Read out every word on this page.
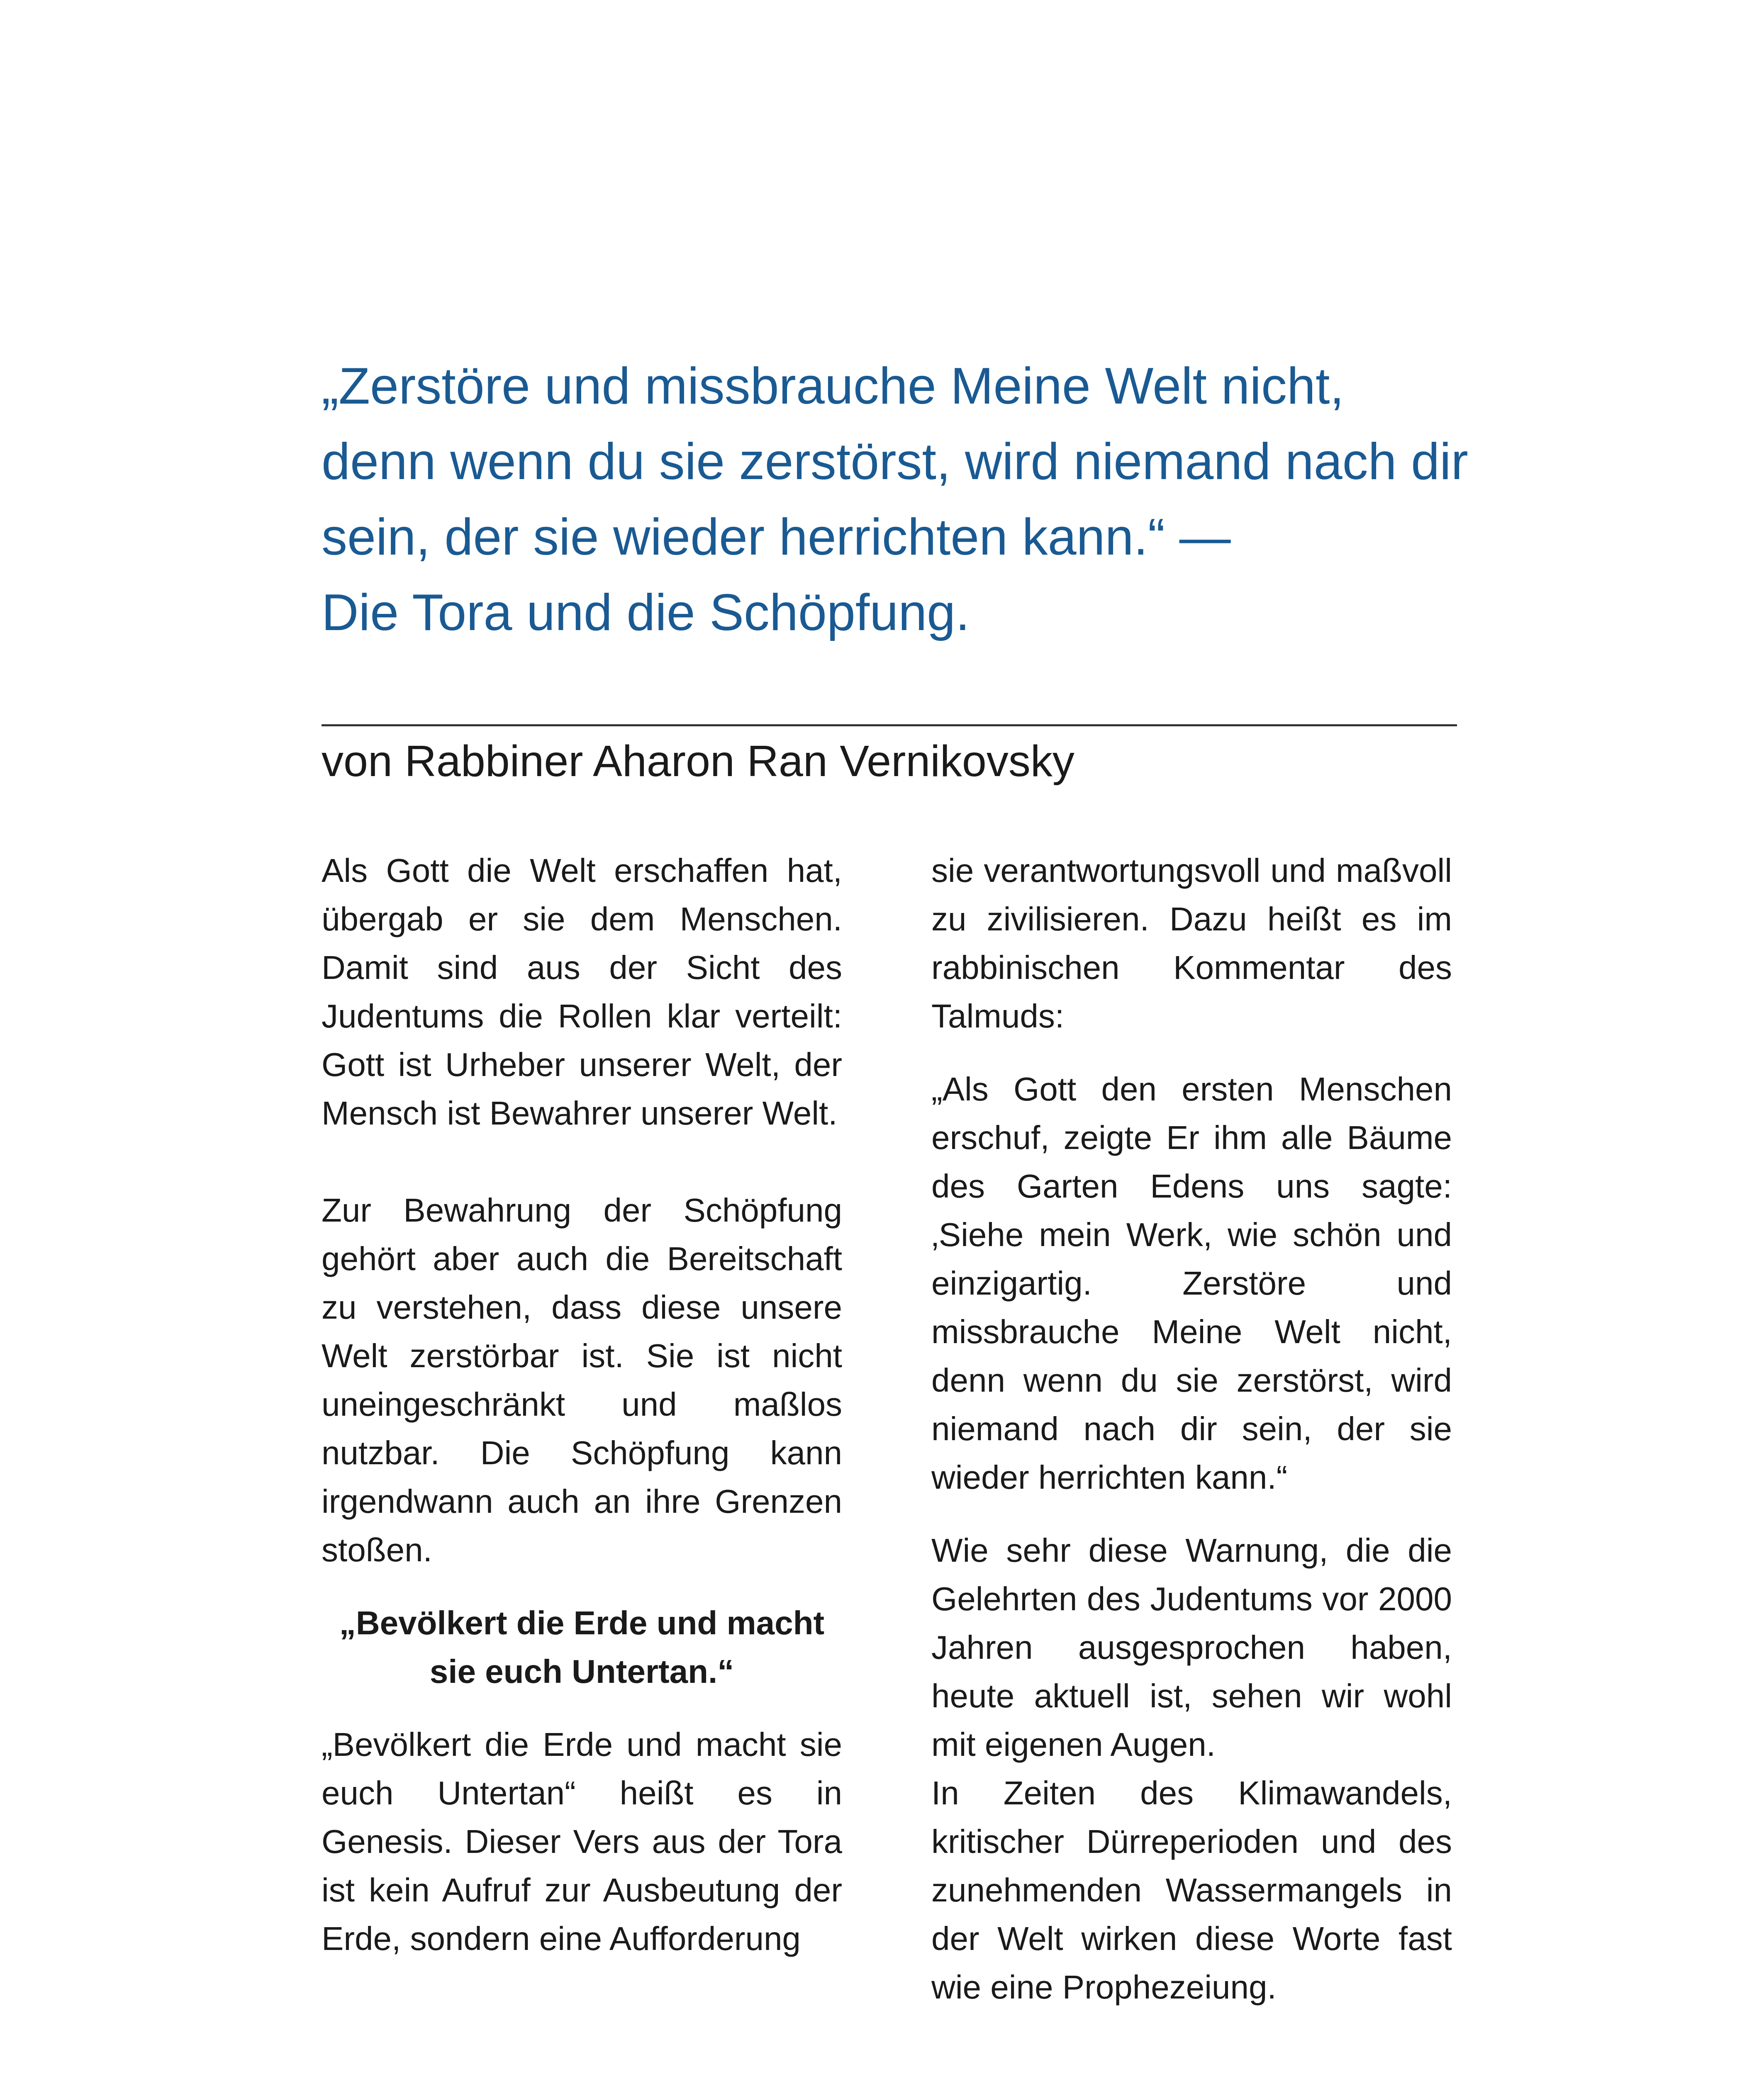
„Zerstöre und missbrauche Meine Welt nicht,
denn wenn du sie zerstörst, wird niemand nach dir
sein, der sie wieder herrichten kann.“ —
Die Tora und die Schöpfung.
von Rabbiner Aharon Ran Vernikovsky

Als Gott die Welt erschaffen hat, übergab er sie dem Menschen. Damit sind aus der Sicht des Judentums die Rollen klar verteilt: Gott ist Urheber unserer Welt, der Mensch ist Bewahrer unserer Welt.

Zur Bewahrung der Schöpfung gehört aber auch die Bereitschaft zu verstehen, dass diese unsere Welt zerstörbar ist. Sie ist nicht uneingeschränkt und maßlos nutzbar. Die Schöpfung kann irgendwann auch an ihre Grenzen stoßen.

„Bevölkert die Erde und macht sie euch Untertan.“

„Bevölkert die Erde und macht sie euch Untertan“ heißt es in Genesis. Dieser Vers aus der Tora ist kein Aufruf zur Ausbeutung der Erde, sondern eine Aufforderung

sie verantwortungsvoll und maßvoll zu zivilisieren. Dazu heißt es im rabbinischen Kommentar des Talmuds:

„Als Gott den ersten Menschen erschuf, zeigte Er ihm alle Bäume des Garten Edens uns sagte: ‚Siehe mein Werk, wie schön und einzigartig. Zerstöre und missbrauche Meine Welt nicht, denn wenn du sie zerstörst, wird niemand nach dir sein, der sie wieder herrichten kann.“

Wie sehr diese Warnung, die die Gelehrten des Judentums vor 2000 Jahren ausgesprochen haben, heute aktuell ist, sehen wir wohl mit eigenen Augen.

In Zeiten des Klimawandels, kritischer Dürreperioden und des zunehmenden Wassermangels in der Welt wirken diese Worte fast wie eine Prophezeiung.
